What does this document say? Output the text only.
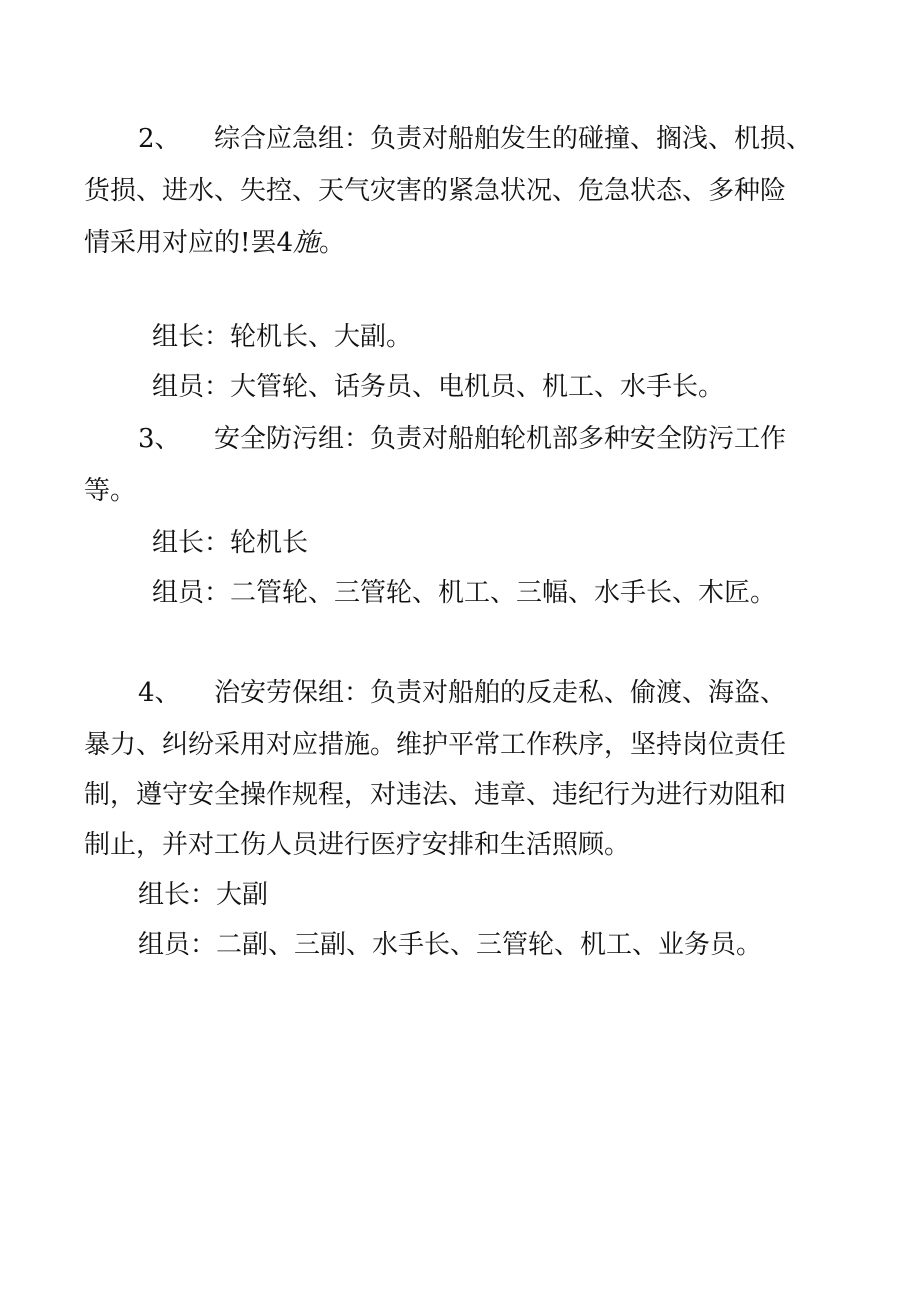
2、 综合应急组：负责对船舶发生的碰撞、搁浅、机损、
货损、进水、失控、天气灾害的紧急状况、危急状态、多种险
情采用对应的!罢4施。
组长：轮机长、大副。
组员：大管轮、话务员、电机员、机工、水手长。
3、 安全防污组：负责对船舶轮机部多种安全防污工作
等。
组长：轮机长
组员：二管轮、三管轮、机工、三幅、水手长、木匠。
4、 治安劳保组：负责对船舶的反走私、偷渡、海盗、
暴力、纠纷采用对应措施。维护平常工作秩序，坚持岗位责任
制，遵守安全操作规程，对违法、违章、违纪行为进行劝阻和
制止，并对工伤人员进行医疗安排和生活照顾。
组长：大副
组员：二副、三副、水手长、三管轮、机工、业务员。
